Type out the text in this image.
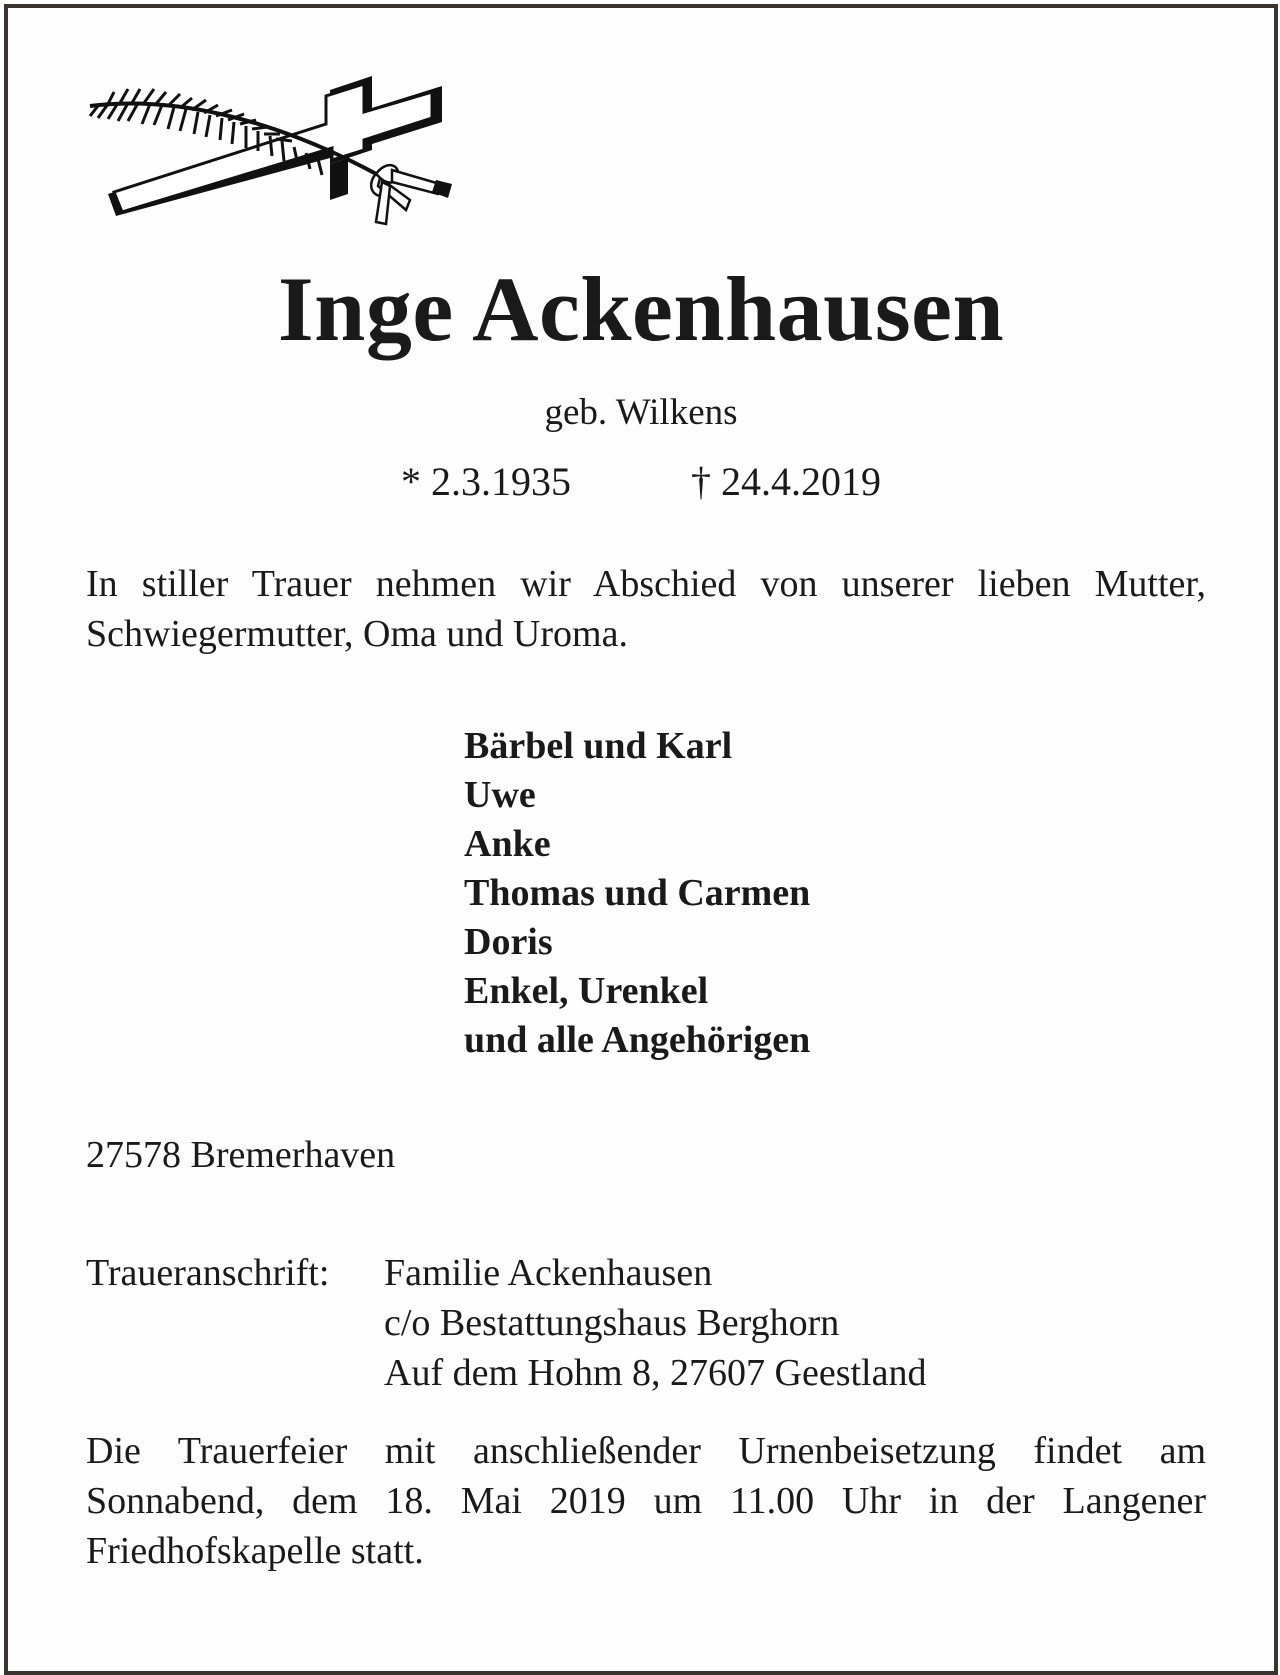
Inge Ackenhausen
geb. Wilkens
* 2.3.1935	† 24.4.2019
In stiller Trauer nehmen wir Abschied von unserer lieben Mutter, Schwiegermutter, Oma und Uroma.
Bärbel und Karl
Uwe
Anke
Thomas und Carmen
Doris
Enkel, Urenkel
und alle Angehörigen
27578 Bremerhaven
Traueranschrift: Familie Ackenhausen
c/o Bestattungshaus Berghorn
Auf dem Hohm 8, 27607 Geestland
Die Trauerfeier mit anschließender Urnenbeisetzung findet am Sonnabend, dem 18. Mai 2019 um 11.00 Uhr in der Langener Friedhofskapelle statt.
